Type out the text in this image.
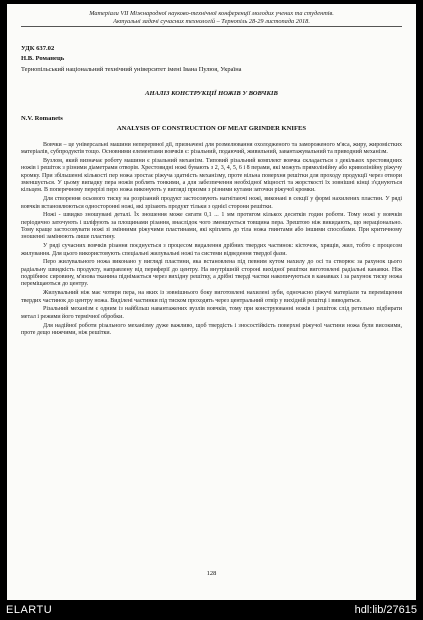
Матеріали VII Міжнародної науково-технічної конференції молодих учених та студентів.
Актуальні задачі сучасних технологій – Тернопіль 28-29 листопада 2018.
УДК 637.02
Н.В. Романець
Тернопільський національний технічний університет імені Івана Пулюя, Україна
АНАЛІЗ КОНСТРУКЦІЇ НОЖІВ У ВОВЧКІВ
N.V. Romanets
ANALYSIS OF CONSTRUCTION OF MEAT GRINDER KNIFES

Вовчки – це універсальні машини неперервної дії, призначені для розмелювання охолодженого та замороженого м'яса, жиру, жиромістких матеріалів, субпродуктів тощо. Основними елементами вовчків є: різальний, подаючий, живильний, завантажувальний та приводний механізм.

Вузлом, який визначає роботу машини є різальний механізм. Типовий різальний комплект вовчка складається з декількох хрестовидних ножів і решіток з різними діаметрами отворів. Хрестовидні ножі бувають з 2, 3, 4, 5, 6 і 8 перами, які можуть прямолінійну або криволінійну ріжучу кромку. При збільшенні кількості пер ножа зростає ріжуча здатність механізму, проте вільна поверхня решітки для проходу продукції через отвори зменшується. У цьому випадку пера ножів роблять тонкими, а для забезпечення необхідної міцності та жорсткості їх зовнішні кінці з'єднуються кільцем. В поперечному перерізі перо ножа виконують у вигляді призми з різними кутами заточки ріжучої кромки.

Для створення осьового тиску на розрізаний продукт застосовують нагнітаючі ножі, виконані в секції у формі нахилених пластин. У ряді вовчків встановлюються односторонні ножі, які зрізають продукт тільки з однієї сторони решітки.

Ножі - швидко зношувані деталі. Їх зношення може сягати 0,1 ... 1 мм протягом кількох десятків годин роботи. Тому ножі у вовчків періодично заточують і шліфують за площинами різання, внаслідок чого зменшується товщина пера. Зрештою ніж викидають, що нераціонально. Тому краще застосовувати ножі зі змінними ріжучими пластинами, які кріплять до тіла ножа гвинтами або іншими способами. При критичному зношенні замінюють лише пластину.

У ряді сучасних вовчків різання поєднується з процесом видалення дрібних твердих частинок: кісточок, хрящів, жил, тобто с процесом жилування. Для цього використовують спеціальні жилувальні ножі та системи відведення твердої фази.

Перо жилувального ножа виконано у вигляді пластини, яка встановлена під певним кутом нахилу до осі та створює за рахунок цього радіальну швидкість продукту, направлену від периферії до центру. На внутрішній стороні вихідної решітки виготовлені радіальні канавки. Ніж подрібнює сировину, м'язова тканина піднімається через вихідну решітку, а дрібні тверді частки накопичуються в канавках і за рахунок тиску ножа переміщаються до центру.

Жилувальний ніж має чотири пера, на яких із зовнішнього боку виготовлені нахилені зуби, одночасно ріжучі матеріали та переміщення твердих частинок до центру ножа. Виділені частинки під тиском проходять через центральний отвір у вихідній решітці і виводяться.

Різальний механізм є одним із найбільш навантажених вузлів вовчків, тому при конструюванні ножів і решіток слід ретельно підбирати метал і режими його термічної обробки.

Для надійної роботи різального механізму дуже важливо, щоб твердість і зносостійкість поверхні ріжучої частини ножа були високими, проте дещо нижчими, ніж решітки.

128
ELARTU	hdl:lib/27615
